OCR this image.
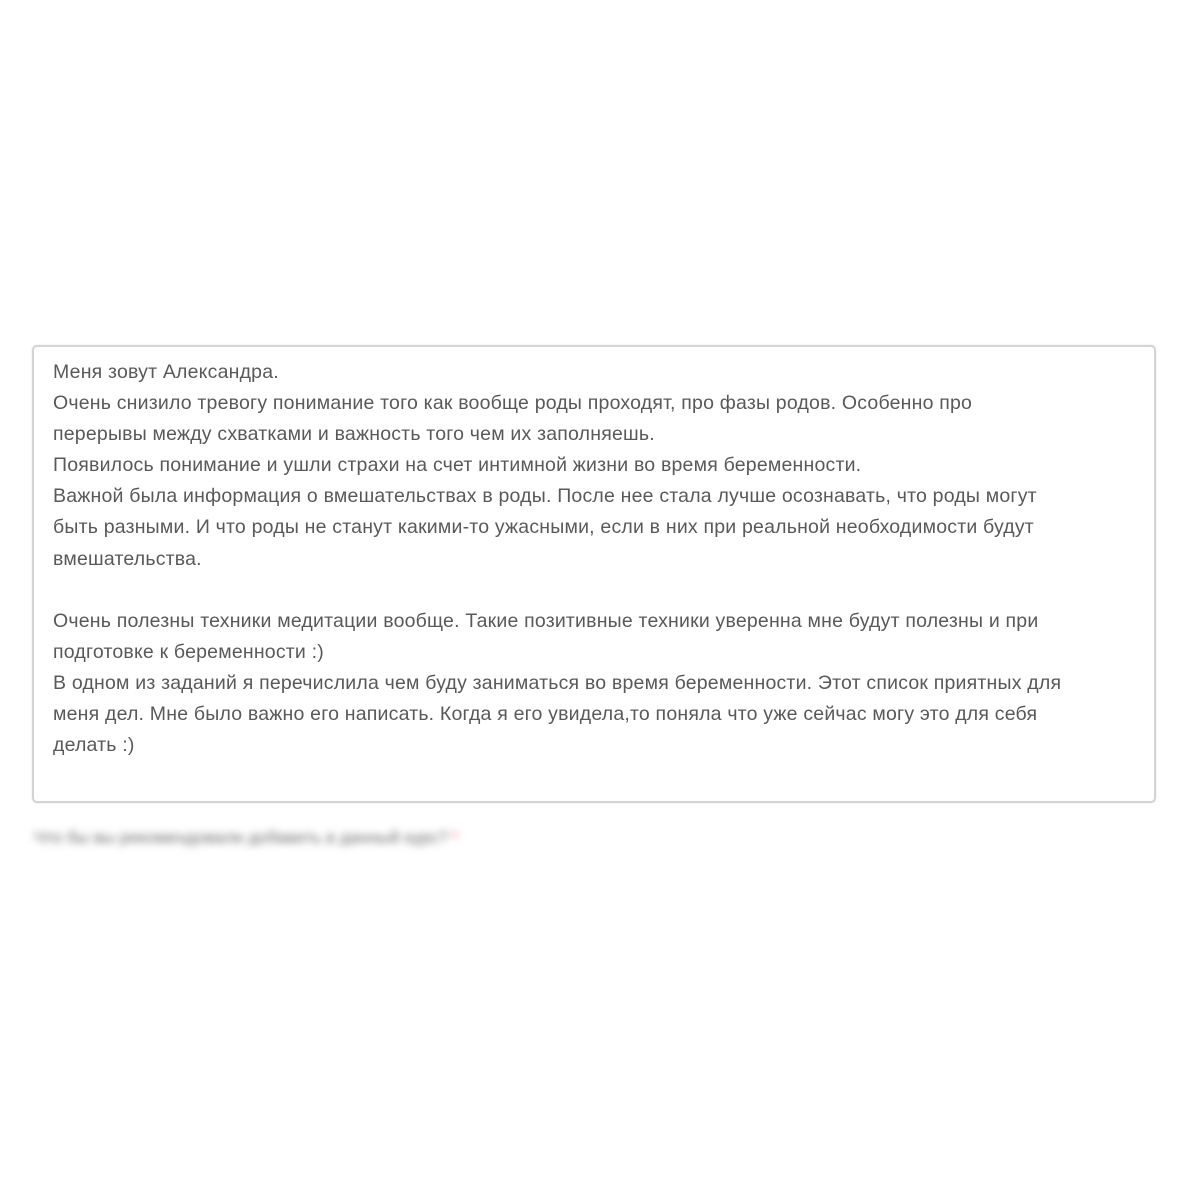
Меня зовут Александра.
Очень снизило тревогу понимание того как вообще роды проходят, про фазы родов. Особенно про
перерывы между схватками и важность того чем их заполняешь.
Появилось понимание и ушли страхи на счет интимной жизни во время беременности.
Важной была информация о вмешательствах в роды. После нее стала лучше осознавать, что роды могут
быть разными. И что роды не станут какими-то ужасными, если в них при реальной необходимости будут
вмешательства.
Очень полезны техники медитации вообще. Такие позитивные техники уверенна мне будут полезны и при
подготовке к беременности :)
В одном из заданий я перечислила чем буду заниматься во время беременности. Этот список приятных для
меня дел. Мне было важно его написать. Когда я его увидела,то поняла что уже сейчас могу это для себя
делать :)
Что бы вы рекомендовали добавить в данный курс? *
